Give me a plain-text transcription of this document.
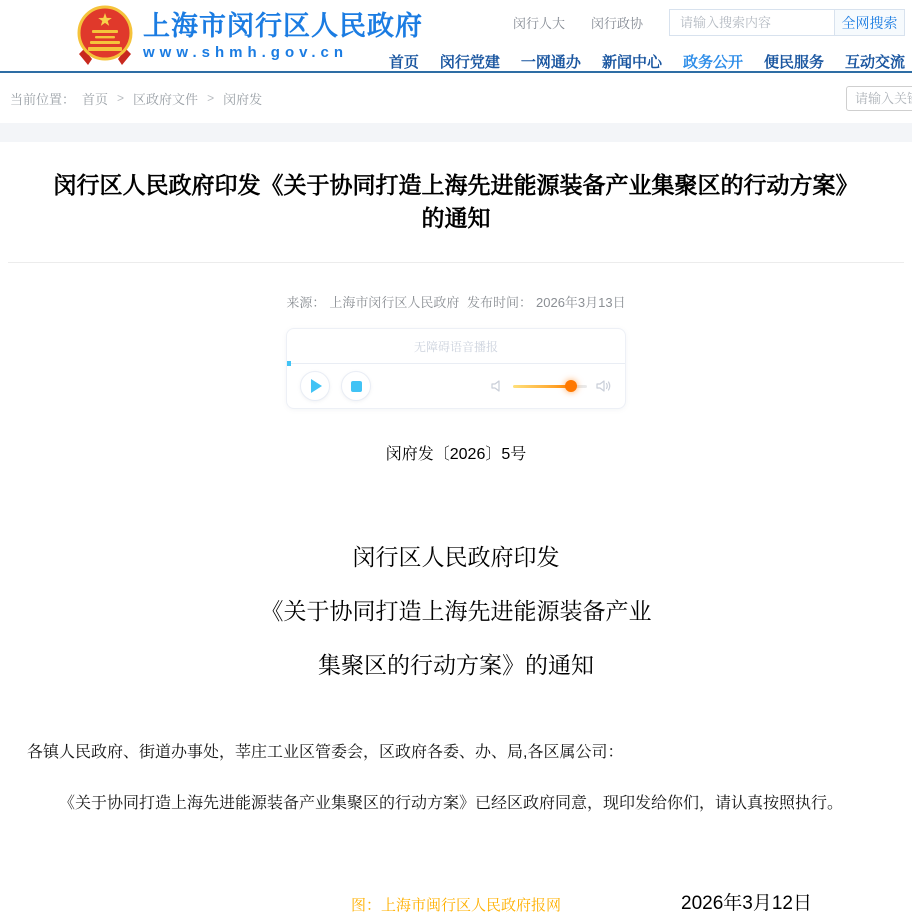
上海市闵行区人民政府
www.shmh.gov.cn
闵行人大 闵行政协
请输入搜索内容	全网搜索
首页 闵行党建 一网通办 新闻中心 政务公开 便民服务 互动交流
当前位置： 首页 > 区政府文件 > 闵府发
请输入关键
闵行区人民政府印发《关于协同打造上海先进能源装备产业集聚区的行动方案》的通知
来源： 上海市闵行区人民政府 发布时间： 2026年3月13日
无障碍语音播报
闵府发〔2026〕5号
闵行区人民政府印发
《关于协同打造上海先进能源装备产业
集聚区的行动方案》的通知

各镇人民政府、街道办事处，莘庄工业区管委会，区政府各委、办、局,各区属公司：

《关于协同打造上海先进能源装备产业集聚区的行动方案》已经区政府同意，现印发给你们，请认真按照执行。

图：上海市闽行区人民政府报网	2026年3月12日
